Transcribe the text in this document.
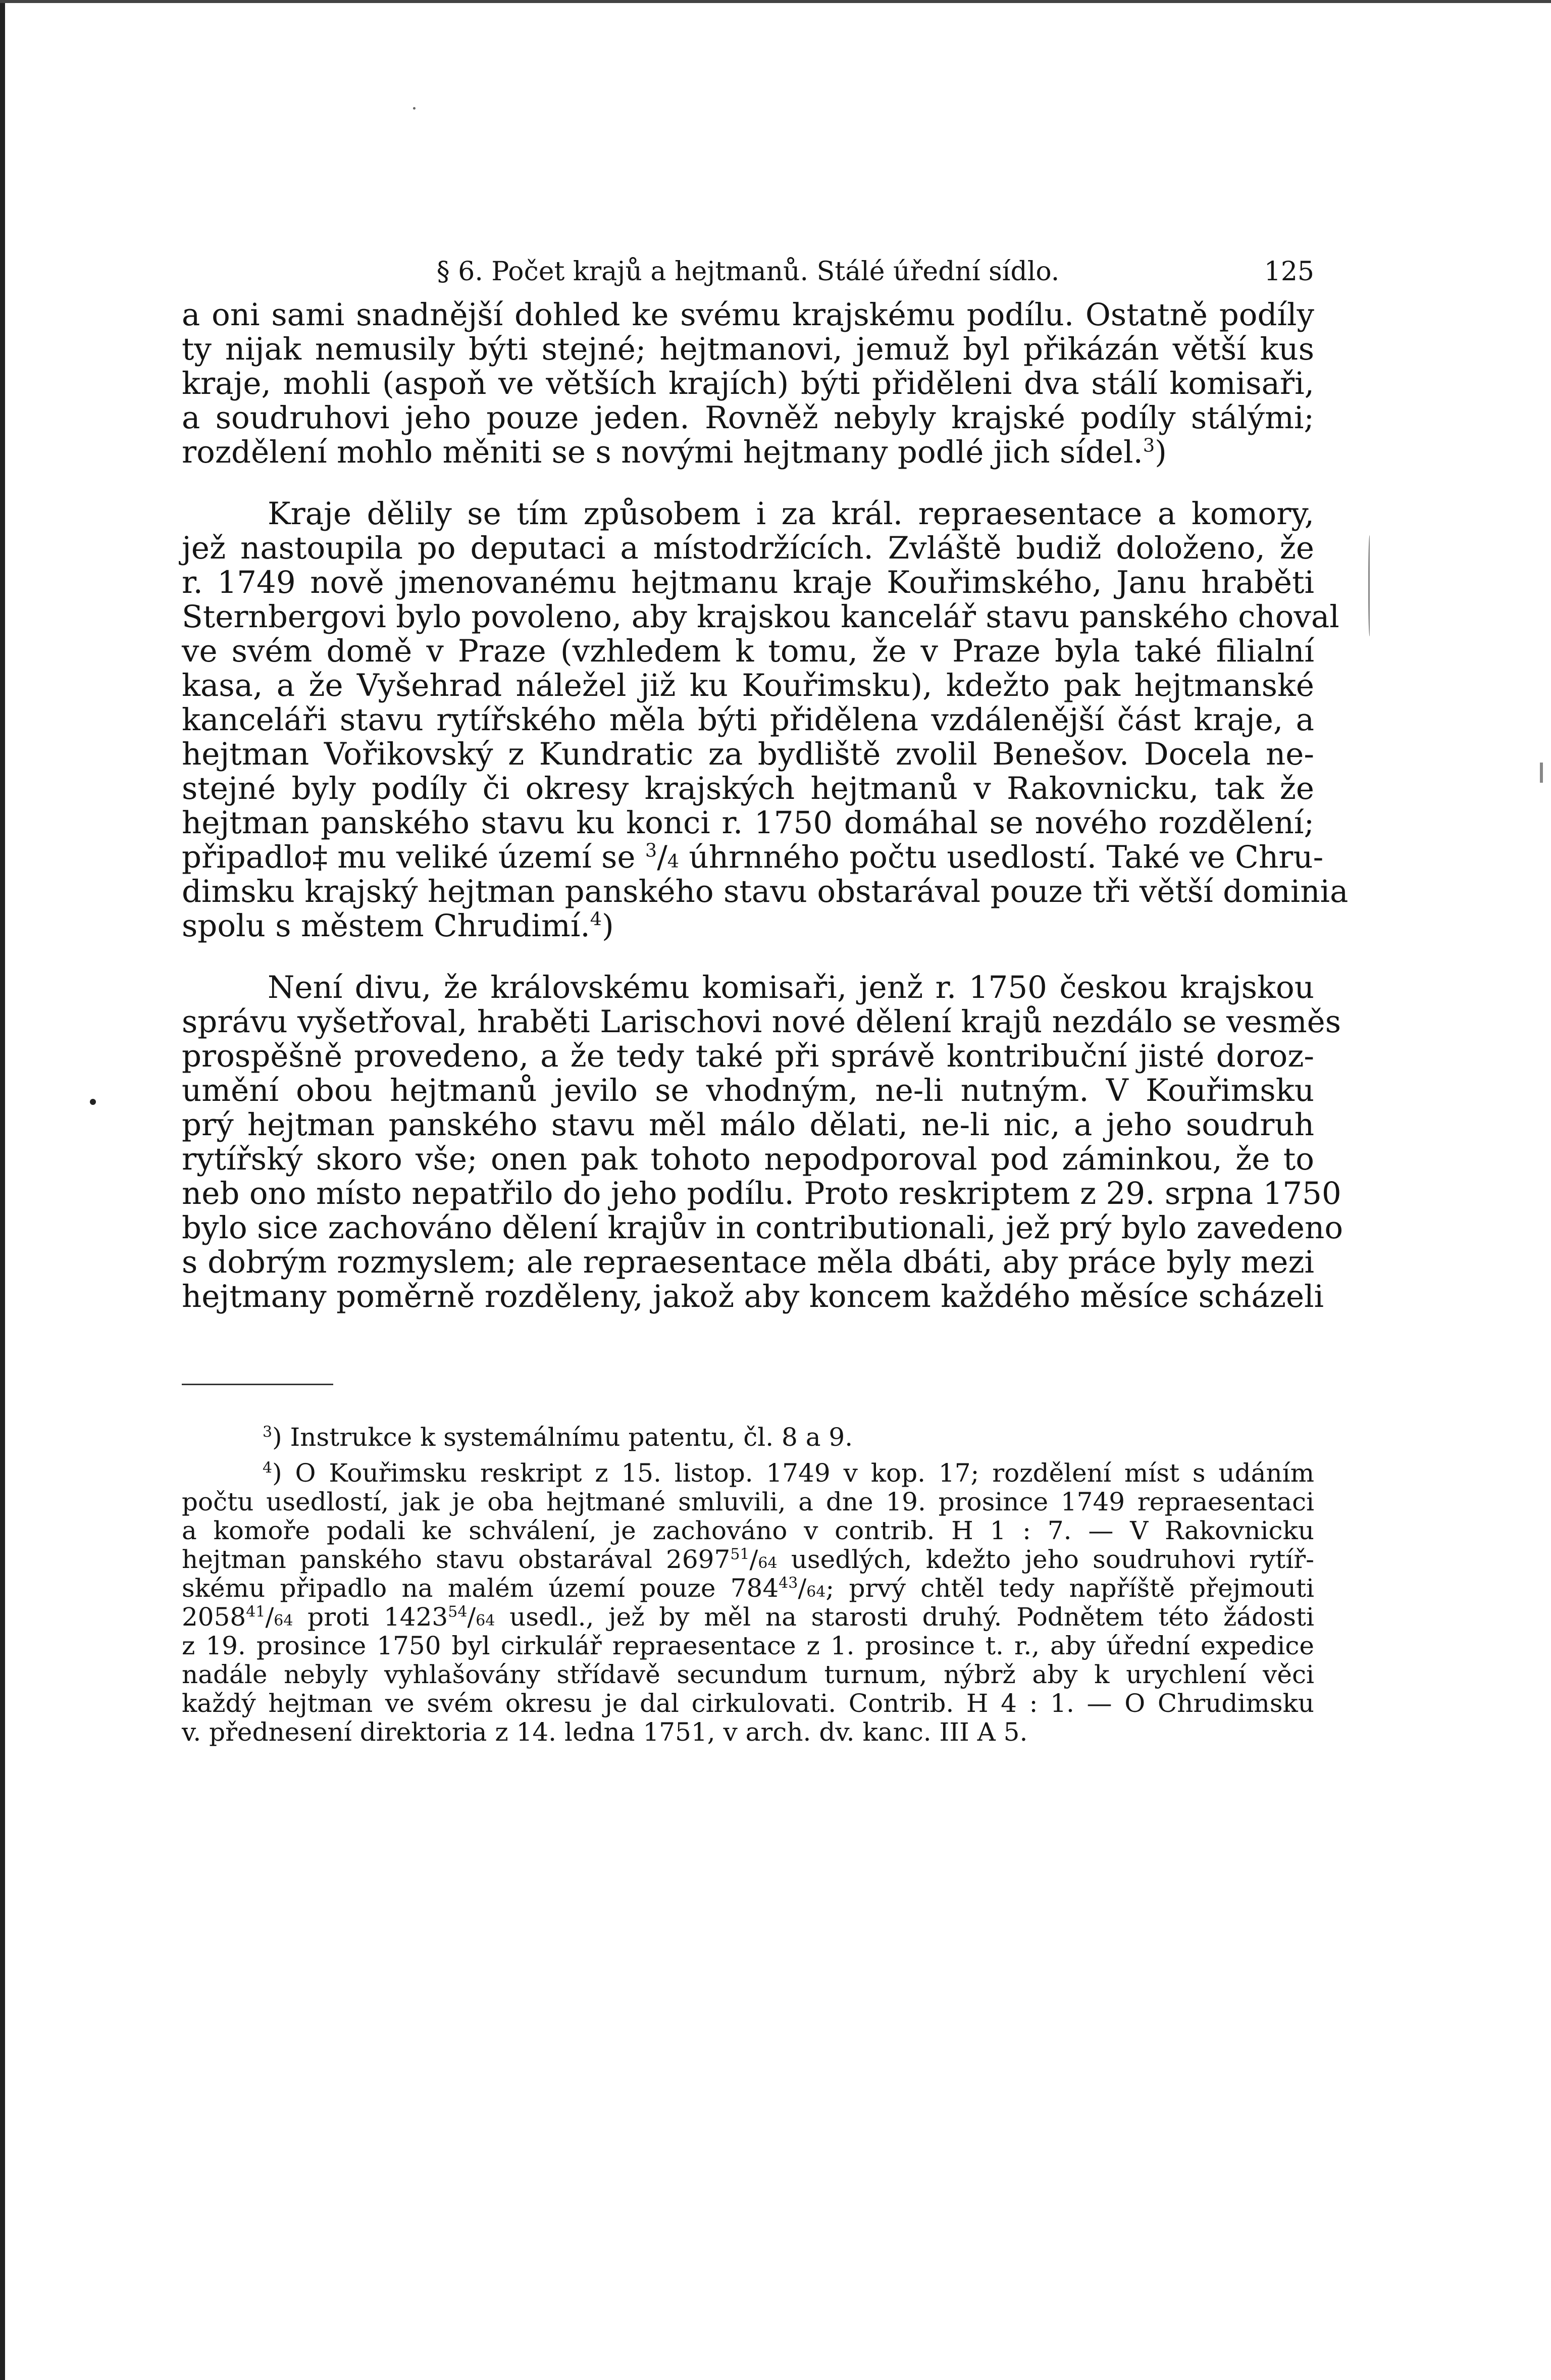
§ 6. Počet krajů a hejtmanů. Stálé úřední sídlo.	125
a oni sami snadnější dohled ke svému krajskému podílu. Ostatně podíly
ty nijak nemusily býti stejné; hejtmanovi, jemuž byl přikázán větší kus
kraje, mohli (aspoň ve větších krajích) býti přiděleni dva stálí komisaři,
a soudruhovi jeho pouze jeden. Rovněž nebyly krajské podíly stálými;
rozdělení mohlo měniti se s novými hejtmany podlé jich sídel.$^3$)
Kraje dělily se tím způsobem i za král. repraesentace a komory,
jež nastoupila po deputaci a místodržících. Zvláště budiž doloženo, že
r. 1749 nově jmenovanému hejtmanu kraje Kouřimského, Janu hraběti
Sternbergovi bylo povoleno, aby krajskou kancelář stavu panského choval
ve svém domě v Praze (vzhledem k tomu, že v Praze byla také filialní
kasa, a že Vyšehrad náležel již ku Kouřimsku), kdežto pak hejtmanské
kanceláři stavu rytířského měla býti přidělena vzdálenější část kraje, a
hejtman Vořikovský z Kundratic za bydliště zvolil Benešov. Docela ne-
stejné byly podíly či okresy krajských hejtmanů v Rakovnicku, tak že
hejtman panského stavu ku konci r. 1750 domáhal se nového rozdělení;
připadlo‡ mu veliké území se $^3$/4 úhrnného počtu usedlostí. Také ve Chru-
dimsku krajský hejtman panského stavu obstarával pouze tři větší dominia
spolu s městem Chrudimí.$^4$)
Není divu, že královskému komisaři, jenž r. 1750 českou krajskou
správu vyšetřoval, hraběti Larischovi nové dělení krajů nezdálo se vesměs
prospěšně provedeno, a že tedy také při správě kontribuční jisté doroz-
umění obou hejtmanů jevilo se vhodným, ne-li nutným. V Kouřimsku
prý hejtman panského stavu měl málo dělati, ne-li nic, a jeho soudruh
rytířský skoro vše; onen pak tohoto nepodporoval pod záminkou, že to
neb ono místo nepatřilo do jeho podílu. Proto reskriptem z 29. srpna 1750
bylo sice zachováno dělení krajův in contributionali, jež prý bylo zavedeno
s dobrým rozmyslem; ale repraesentace měla dbáti, aby práce byly mezi
hejtmany poměrně rozděleny, jakož aby koncem každého měsíce scházeli
$^3$) Instrukce k systemálnímu patentu, čl. 8 a 9.
$^4$) O Kouřimsku reskript z 15. listop. 1749 v kop. 17; rozdělení míst s udáním
počtu usedlostí, jak je oba hejtmané smluvili, a dne 19. prosince 1749 repraesentaci
a komoře podali ke schválení, je zachováno v contrib. H 1 : 7. — V Rakovnicku
hejtman panského stavu obstarával 2697$^{51}$/64 usedlých, kdežto jeho soudruhovi rytíř-
skému připadlo na malém území pouze $784^{43}/64$; prvý chtěl tedy napříště přejmouti
2058$^{41}$/64 proti 1423$^{54}$/64 usedl., jež by měl na starosti druhý. Podnětem této žádosti
z 19. prosince 1750 byl cirkulář repraesentace z 1. prosince t. r., aby úřední expedice
nadále nebyly vyhlašovány střídavě secundum turnum, nýbrž aby k urychlení věci
každý hejtman ve svém okresu je dal cirkulovati. Contrib. H 4 : 1. — O Chrudimsku
v. přednesení direktoria z 14. ledna 1751, v arch. dv. kanc. III A 5.
